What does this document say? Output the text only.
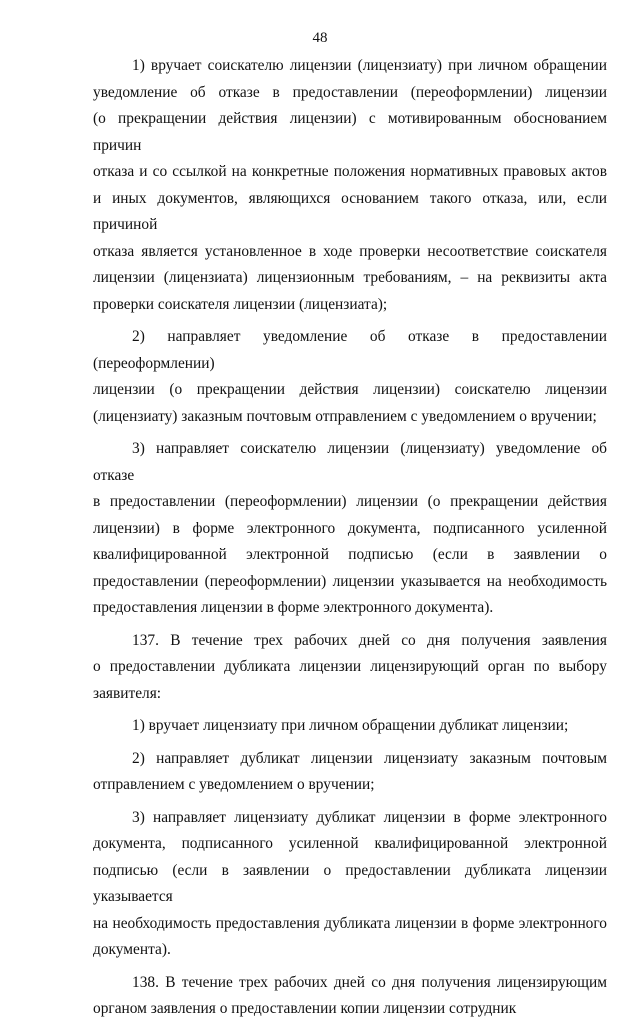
48
1) вручает соискателю лицензии (лицензиату) при личном обращении
уведомление об отказе в предоставлении (переоформлении) лицензии
(о прекращении действия лицензии) с мотивированным обоснованием причин
отказа и со ссылкой на конкретные положения нормативных правовых актов
и иных документов, являющихся основанием такого отказа, или, если причиной
отказа является установленное в ходе проверки несоответствие соискателя
лицензии (лицензиата) лицензионным требованиям, – на реквизиты акта
проверки соискателя лицензии (лицензиата);
2) направляет уведомление об отказе в предоставлении (переоформлении)
лицензии (о прекращении действия лицензии) соискателю лицензии
(лицензиату) заказным почтовым отправлением с уведомлением о вручении;
3) направляет соискателю лицензии (лицензиату) уведомление об отказе
в предоставлении (переоформлении) лицензии (о прекращении действия
лицензии) в форме электронного документа, подписанного усиленной
квалифицированной электронной подписью (если в заявлении о
предоставлении (переоформлении) лицензии указывается на необходимость
предоставления лицензии в форме электронного документа).
137. В течение трех рабочих дней со дня получения заявления
о предоставлении дубликата лицензии лицензирующий орган по выбору
заявителя:
1) вручает лицензиату при личном обращении дубликат лицензии;
2) направляет дубликат лицензии лицензиату заказным почтовым
отправлением с уведомлением о вручении;
3) направляет лицензиату дубликат лицензии в форме электронного
документа, подписанного усиленной квалифицированной электронной
подписью (если в заявлении о предоставлении дубликата лицензии указывается
на необходимость предоставления дубликата лицензии в форме электронного
документа).
138. В течение трех рабочих дней со дня получения лицензирующим
органом заявления о предоставлении копии лицензии сотрудник
